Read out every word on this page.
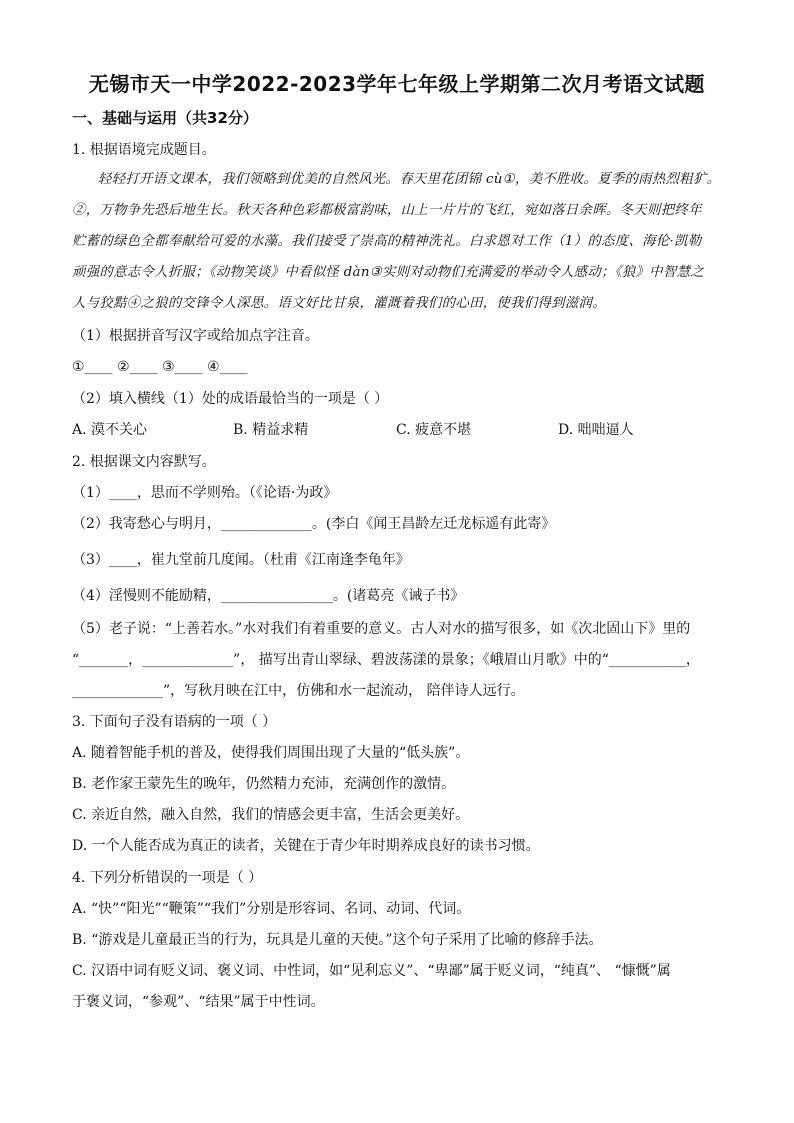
无锡市天一中学2022-2023学年七年级上学期第二次月考语文试题
一、基础与运用（共32分）
1. 根据语境完成题目。
轻轻打开语文课本，我们领略到优美的自然风光。春天里花团锦 cù①，美不胜收。夏季的雨热烈粗犷。
②，万物争先恐后地生长。秋天各种色彩都极富韵味，山上一片片的飞红，宛如落日余晖。冬天则把终年
贮蓄的绿色全都奉献给可爱的水藻。我们接受了崇高的精神洗礼。白求恩对工作（1）的态度、海伦·凯勒
顽强的意志令人折服；《动物笑谈》中看似怪 dàn③实则对动物们充满爱的举动令人感动；《狼》中智慧之
人与狡黠④之狼的交锋令人深思。语文好比甘泉，灌溉着我们的心田，使我们得到滋润。
（1）根据拼音写汉字或给加点字注音。
①____ ②____ ③____ ④____
（2）填入横线（1）处的成语最恰当的一项是（ ）
A. 漠不关心	B. 精益求精	C. 疲意不堪	D. 咄咄逼人
2. 根据课文内容默写。
（1）____，思而不学则殆。（《论语·为政》
（2）我寄愁心与明月，_____________。(李白《闻王昌龄左迁龙标遥有此寄》
（3）____，崔九堂前几度闻。（杜甫《江南逢李龟年》
（4）淫慢则不能励精，________________。(诸葛亮《诫子书》
（5）老子说：“上善若水。”水对我们有着重要的意义。古人对水的描写很多，如《次北固山下》里的
“_______，_____________”， 描写出青山翠绿、碧波荡漾的景象；《峨眉山月歌》中的“___________，
_____________”，写秋月映在江中，仿佛和水一起流动， 陪伴诗人远行。
3. 下面句子没有语病的一项（ ）
A. 随着智能手机的普及，使得我们周围出现了大量的“低头族”。
B. 老作家王蒙先生的晚年，仍然精力充沛，充满创作的激情。
C. 亲近自然，融入自然，我们的情感会更丰富，生活会更美好。
D. 一个人能否成为真正的读者，关键在于青少年时期养成良好的读书习惯。
4. 下列分析错误的一项是（ ）
A. “快”“阳光”“鞭策”“我们”分别是形容词、名词、动词、代词。
B. “游戏是儿童最正当的行为，玩具是儿童的天使。”这个句子采用了比喻的修辞手法。
C. 汉语中词有贬义词、褒义词、中性词，如“见利忘义”、“卑鄙”属于贬义词，“纯真”、 “慷慨”属
于褒义词，“参观”、“结果”属于中性词。
